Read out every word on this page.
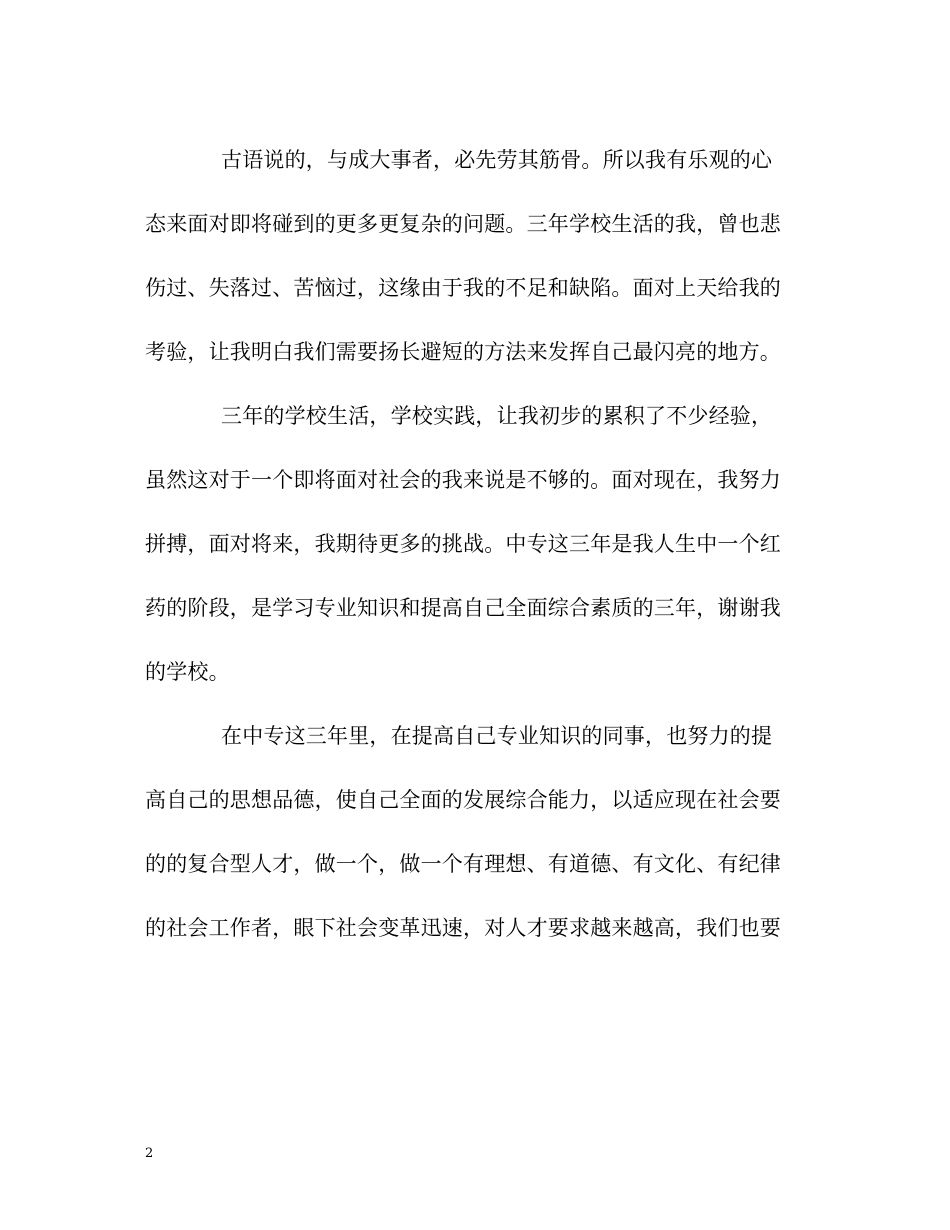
古语说的，与成大事者，必先劳其筋骨。所以我有乐观的心
态来面对即将碰到的更多更复杂的问题。三年学校生活的我，曾也悲
伤过、失落过、苦恼过，这缘由于我的不足和缺陷。面对上天给我的
考验，让我明白我们需要扬长避短的方法来发挥自己最闪亮的地方。
三年的学校生活，学校实践，让我初步的累积了不少经验，
虽然这对于一个即将面对社会的我来说是不够的。面对现在，我努力
拼搏，面对将来，我期待更多的挑战。中专这三年是我人生中一个红
药的阶段，是学习专业知识和提高自己全面综合素质的三年，谢谢我
的学校。
在中专这三年里，在提高自己专业知识的同事，也努力的提
高自己的思想品德，使自己全面的发展综合能力，以适应现在社会要
的的复合型人才，做一个，做一个有理想、有道德、有文化、有纪律
的社会工作者，眼下社会变革迅速，对人才要求越来越高，我们也要
2
